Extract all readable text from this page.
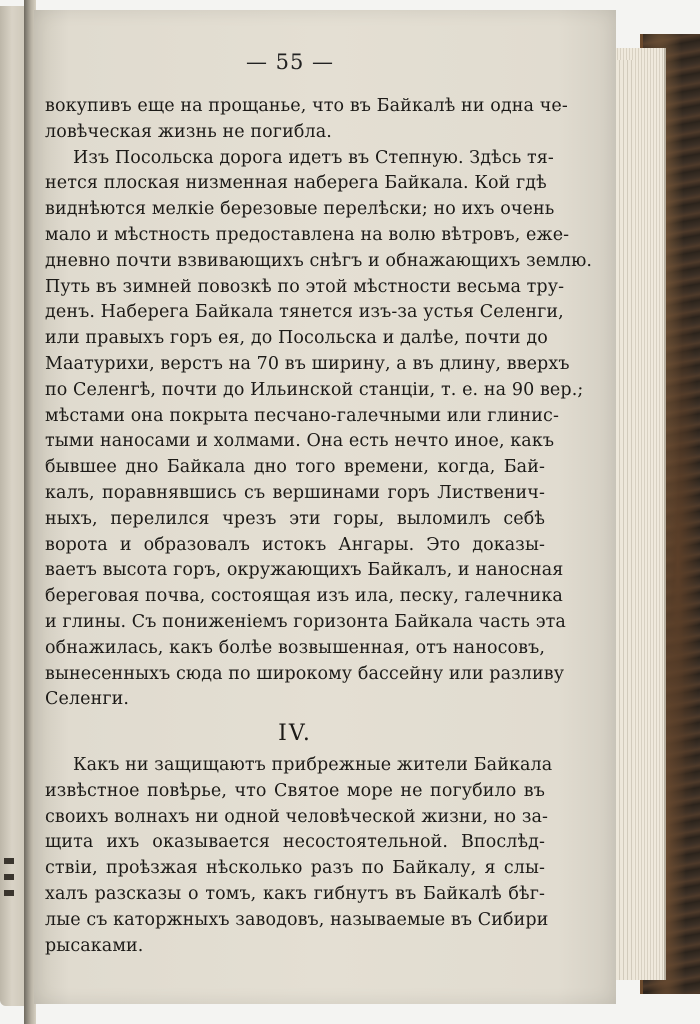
— 55 —
вокупивъ еще на прощанье, что въ Байкалѣ ни одна че-
ловѣческая жизнь не погибла.
Изъ Посольска дорога идетъ въ Степную. Здѣсь тя-
нется плоская низменная наберега Байкала. Кой гдѣ
виднѣются мелкіе березовые перелѣски; но ихъ очень
мало и мѣстность предоставлена на волю вѣтровъ, еже-
дневно почти взвивающихъ снѣгъ и обнажающихъ землю.
Путь въ зимней повозкѣ по этой мѣстности весьма тру-
денъ. Наберега Байкала тянется изъ-за устья Селенги,
или правыхъ горъ ея, до Посольска и далѣе, почти до
Маатурихи, верстъ на 70 въ ширину, а въ длину, вверхъ
по Селенгѣ, почти до Ильинской станціи, т. е. на 90 вер.;
мѣстами она покрыта песчано-галечными или глинис-
тыми наносами и холмами. Она есть нечто иное, какъ
бывшее дно Байкала дно того времени, когда, Бай-
калъ, поравнявшись съ вершинами горъ Лиственич-
ныхъ, перелился чрезъ эти горы, выломилъ себѣ
ворота и образовалъ истокъ Ангары. Это доказы-
ваетъ высота горъ, окружающихъ Байкалъ, и наносная
береговая почва, состоящая изъ ила, песку, галечника
и глины. Съ пониженіемъ горизонта Байкала часть эта
обнажилась, какъ болѣе возвышенная, отъ наносовъ,
вынесенныхъ сюда по широкому бассейну или разливу
Селенги.
IV.
Какъ ни защищаютъ прибрежные жители Байкала
извѣстное повѣрье, что Святое море не погубило въ
своихъ волнахъ ни одной человѣческой жизни, но за-
щита ихъ оказывается несостоятельной. Впослѣд-
ствіи, проѣзжая нѣсколько разъ по Байкалу, я слы-
халъ разсказы о томъ, какъ гибнутъ въ Байкалѣ бѣг-
лые съ каторжныхъ заводовъ, называемые въ Сибири
рысаками.
